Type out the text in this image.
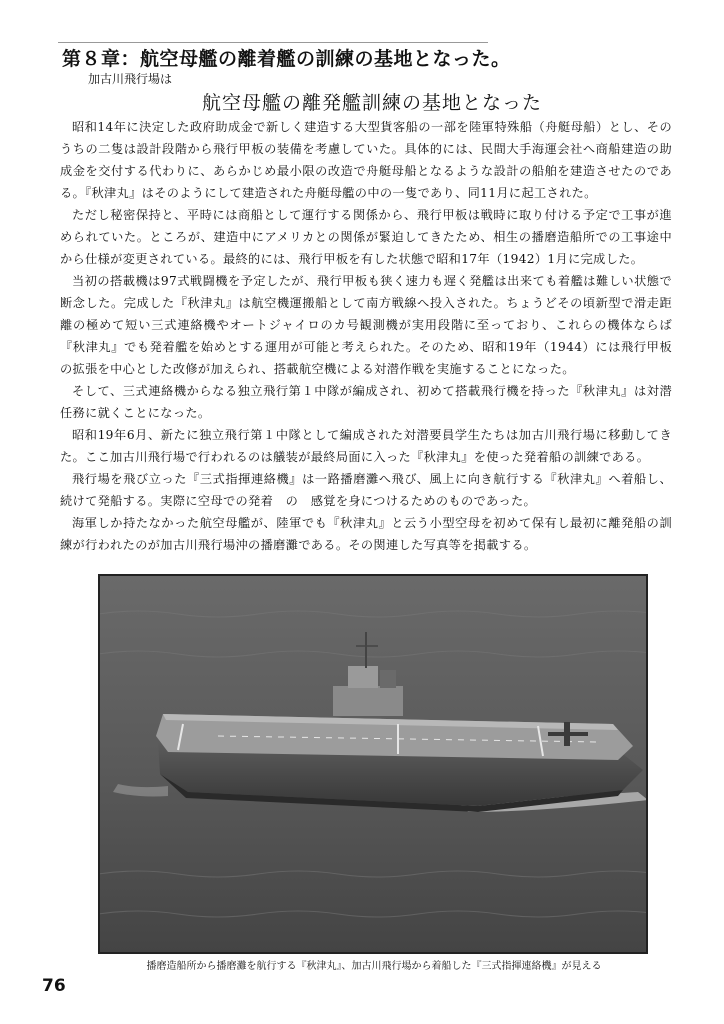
第８章：航空母艦の離着艦の訓練の基地となった。
加古川飛行場は
航空母艦の離発艦訓練の基地となった

昭和14年に決定した政府助成金で新しく建造する大型貨客船の一部を陸軍特殊船（舟艇母船）とし、そのうちの二隻は設計段階から飛行甲板の装備を考慮していた。具体的には、民間大手海運会社へ商船建造の助成金を交付する代わりに、あらかじめ最小限の改造で舟艇母船となるような設計の船舶を建造させたのである。『秋津丸』はそのようにして建造された舟艇母艦の中の一隻であり、同11月に起工された。

ただし秘密保持と、平時には商船として運行する関係から、飛行甲板は戦時に取り付ける予定で工事が進められていた。ところが、建造中にアメリカとの関係が緊迫してきたため、相生の播磨造船所での工事途中から仕様が変更されている。最終的には、飛行甲板を有した状態で昭和17年（1942）1月に完成した。

当初の搭載機は97式戦闘機を予定したが、飛行甲板も狭く速力も遅く発艦は出来ても着艦は難しい状態で断念した。完成した『秋津丸』は航空機運搬船として南方戦線へ投入された。ちょうどその頃新型で滑走距離の極めて短い三式連絡機やオートジャイロのカ号観測機が実用段階に至っており、これらの機体ならば『秋津丸』でも発着艦を始めとする運用が可能と考えられた。そのため、昭和19年（1944）には飛行甲板の拡張を中心とした改修が加えられ、搭載航空機による対潜作戦を実施することになった。

そして、三式連絡機からなる独立飛行第１中隊が編成され、初めて搭載飛行機を持った『秋津丸』は対潜任務に就くことになった。

昭和19年6月、新たに独立飛行第１中隊として編成された対潜要員学生たちは加古川飛行場に移動してきた。ここ加古川飛行場で行われるのは艤装が最終局面に入った『秋津丸』を使った発着船の訓練である。

飛行場を飛び立った『三式指揮連絡機』は一路播磨灘へ飛び、風上に向き航行する『秋津丸』へ着船し、続けて発船する。実際に空母での発着　の　感覚を身につけるためのものであった。

海軍しか持たなかった航空母艦が、陸軍でも『秋津丸』と云う小型空母を初めて保有し最初に離発船の訓練が行われたのが加古川飛行場沖の播磨灘である。その関連した写真等を掲載する。

播磨造船所から播磨灘を航行する『秋津丸』、加古川飛行場から着船した『三式指揮連絡機』が見える
76
